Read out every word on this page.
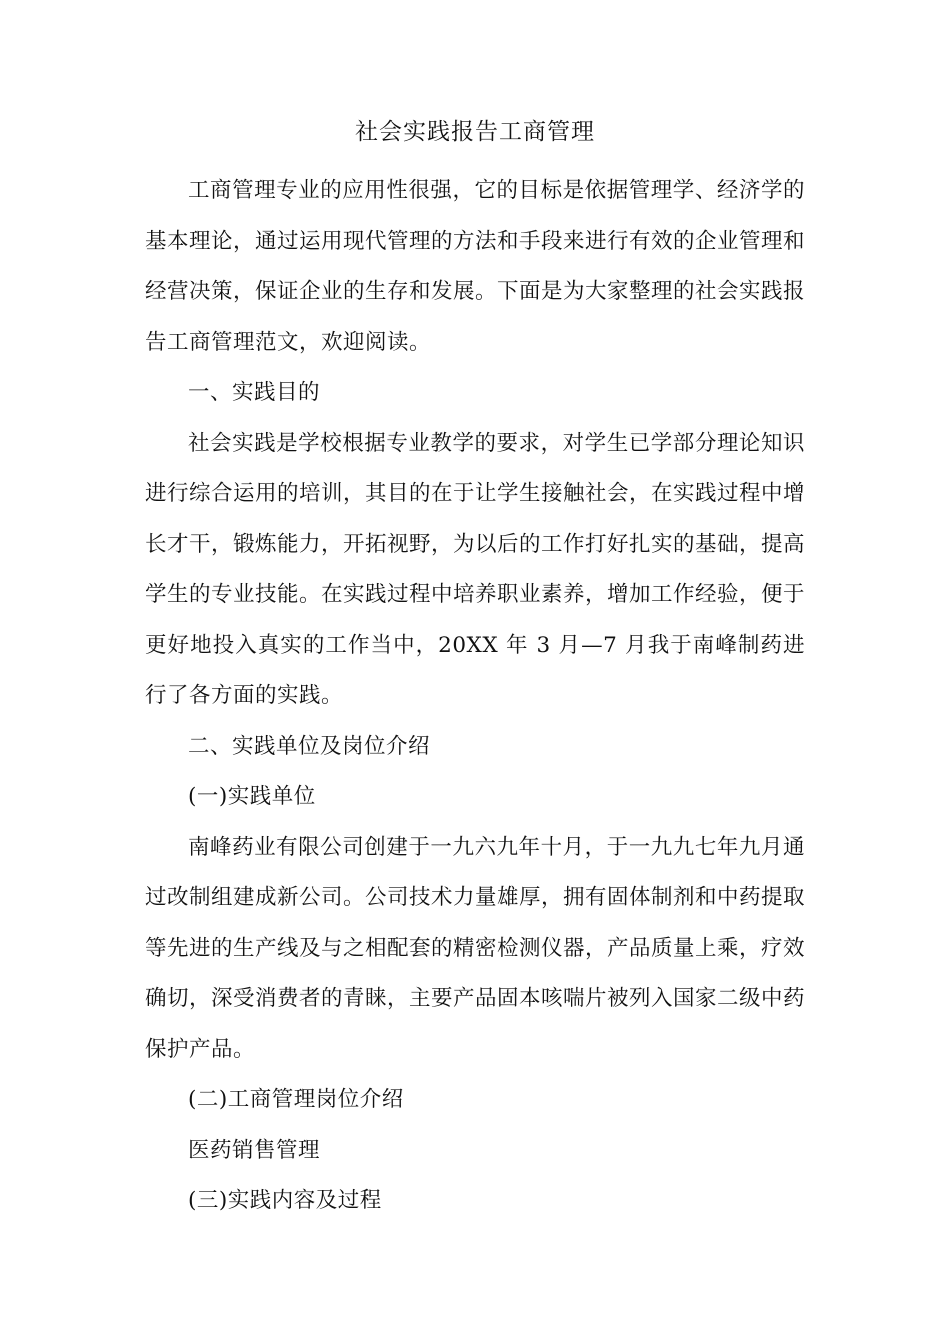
社会实践报告工商管理

工商管理专业的应用性很强，它的目标是依据管理学、经济学的基本理论，通过运用现代管理的方法和手段来进行有效的企业管理和经营决策，保证企业的生存和发展。下面是为大家整理的社会实践报告工商管理范文，欢迎阅读。

一、实践目的

社会实践是学校根据专业教学的要求，对学生已学部分理论知识进行综合运用的培训，其目的在于让学生接触社会，在实践过程中增长才干，锻炼能力，开拓视野，为以后的工作打好扎实的基础，提高学生的专业技能。在实践过程中培养职业素养，增加工作经验，便于更好地投入真实的工作当中，20XX 年 3 月—7 月我于南峰制药进行了各方面的实践。

二、实践单位及岗位介绍

(一)实践单位

南峰药业有限公司创建于一九六九年十月，于一九九七年九月通过改制组建成新公司。公司技术力量雄厚，拥有固体制剂和中药提取等先进的生产线及与之相配套的精密检测仪器，产品质量上乘，疗效确切，深受消费者的青睐，主要产品固本咳喘片被列入国家二级中药保护产品。

(二)工商管理岗位介绍

医药销售管理

(三)实践内容及过程
